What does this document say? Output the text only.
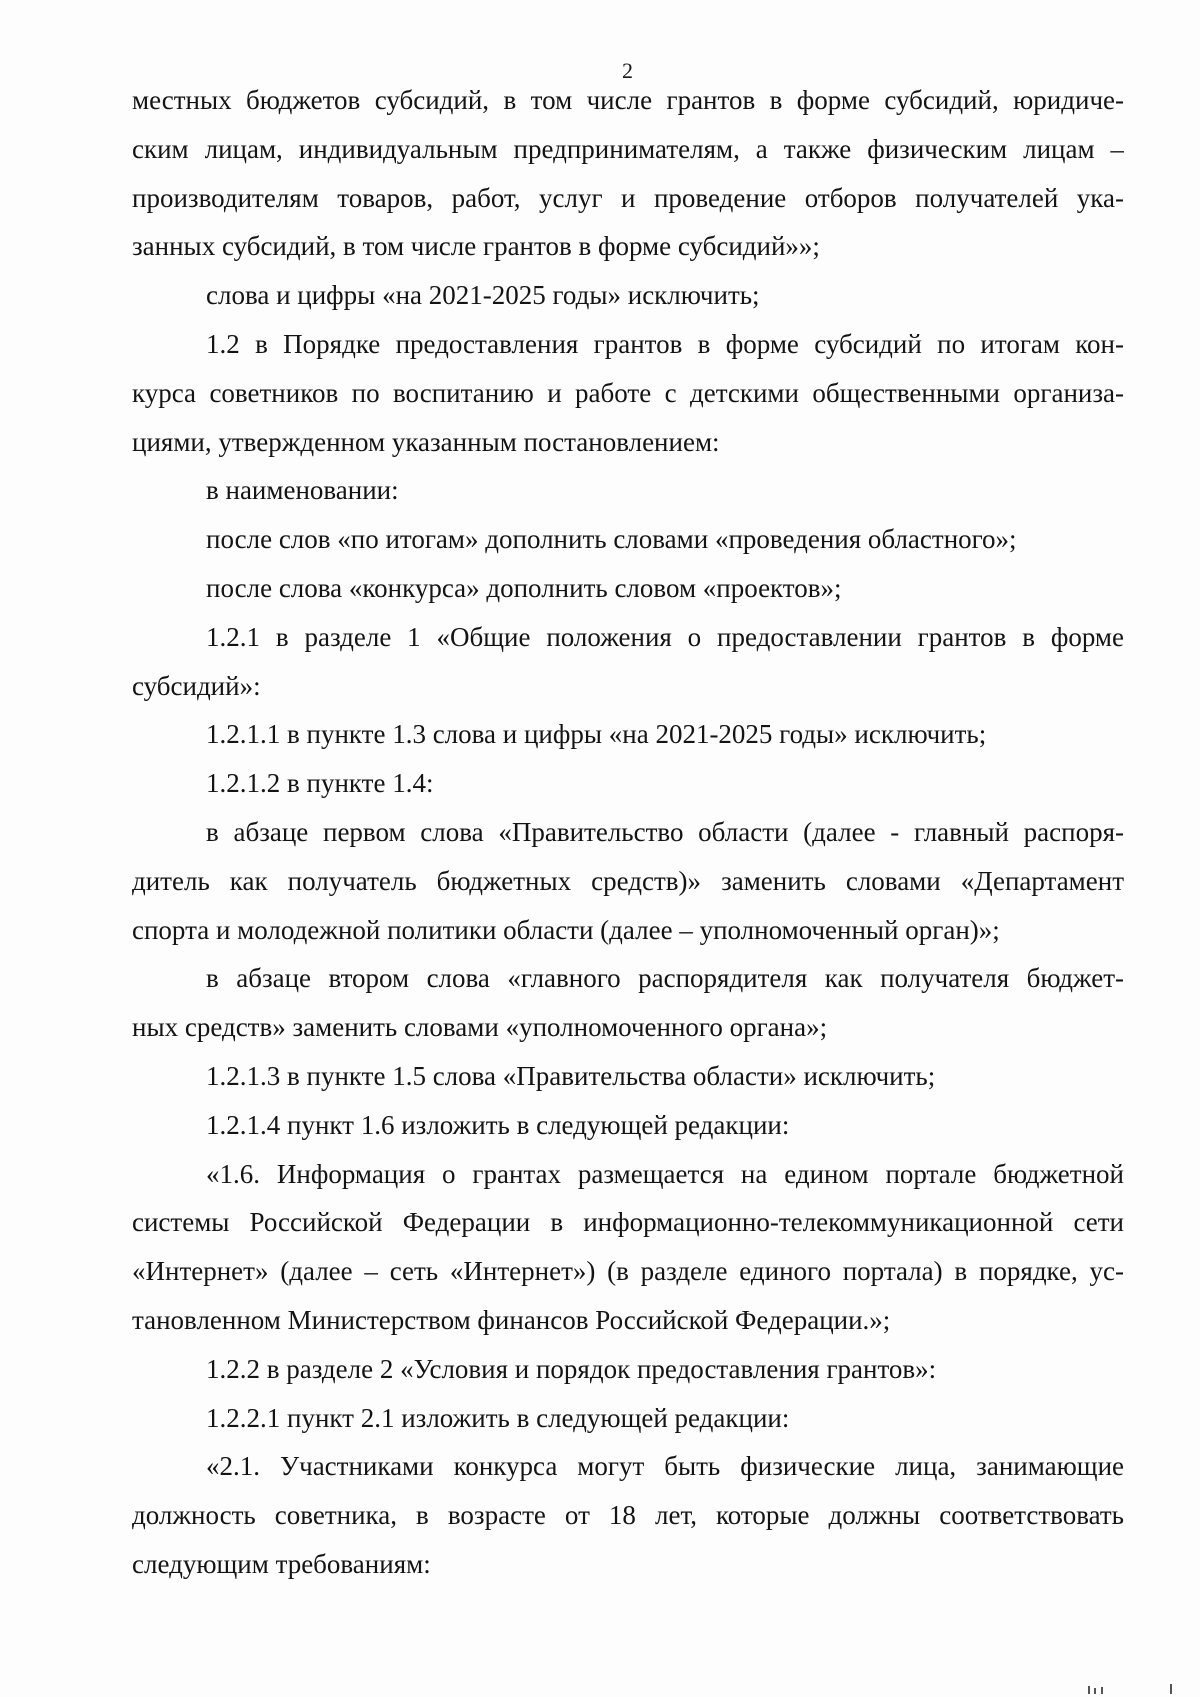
2
местных бюджетов субсидий, в том числе грантов в форме субсидий, юридиче-
ским лицам, индивидуальным предпринимателям, а также физическим лицам –
производителям товаров, работ, услуг и проведение отборов получателей ука-
занных субсидий, в том числе грантов в форме субсидий»»;
слова и цифры «на 2021-2025 годы» исключить;
1.2 в Порядке предоставления грантов в форме субсидий по итогам кон-
курса советников по воспитанию и работе с детскими общественными организа-
циями, утвержденном указанным постановлением:
в наименовании:
после слов «по итогам» дополнить словами «проведения областного»;
после слова «конкурса» дополнить словом «проектов»;
1.2.1 в разделе 1 «Общие положения о предоставлении грантов в форме
субсидий»:
1.2.1.1 в пункте 1.3 слова и цифры «на 2021-2025 годы» исключить;
1.2.1.2 в пункте 1.4:
в абзаце первом слова «Правительство области (далее - главный распоря-
дитель как получатель бюджетных средств)» заменить словами «Департамент
спорта и молодежной политики области (далее – уполномоченный орган)»;
в абзаце втором слова «главного распорядителя как получателя бюджет-
ных средств» заменить словами «уполномоченного органа»;
1.2.1.3 в пункте 1.5 слова «Правительства области» исключить;
1.2.1.4 пункт 1.6 изложить в следующей редакции:
«1.6. Информация о грантах размещается на едином портале бюджетной
системы Российской Федерации в информационно-телекоммуникационной сети
«Интернет» (далее – сеть «Интернет») (в разделе единого портала) в порядке, ус-
тановленном Министерством финансов Российской Федерации.»;
1.2.2 в разделе 2 «Условия и порядок предоставления грантов»:
1.2.2.1 пункт 2.1 изложить в следующей редакции:
«2.1. Участниками конкурса могут быть физические лица, занимающие
должность советника, в возрасте от 18 лет, которые должны соответствовать
следующим требованиям:
